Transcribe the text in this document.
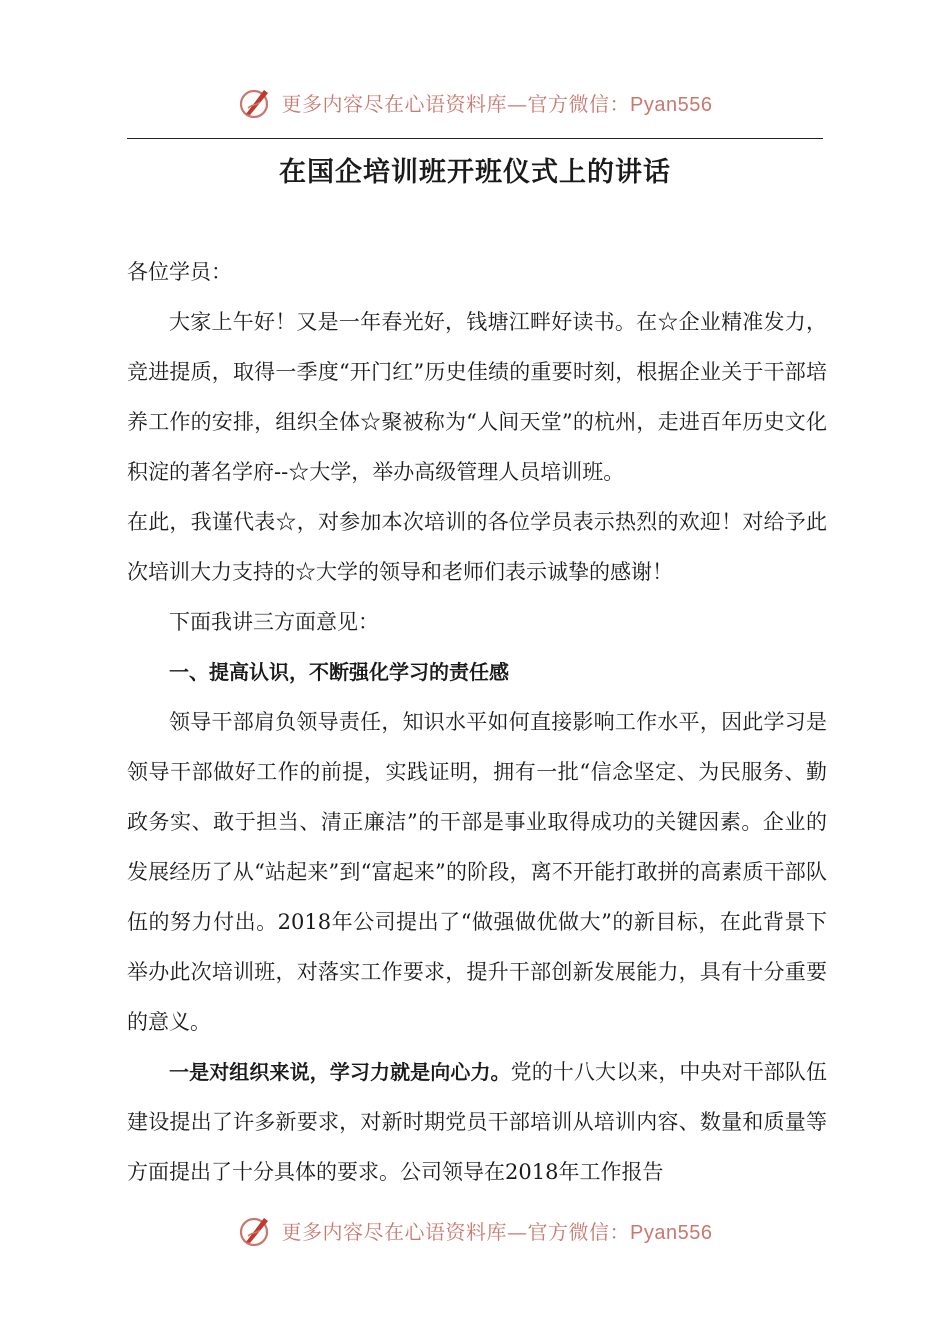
更多内容尽在心语资料库—官方微信：Pyan556
在国企培训班开班仪式上的讲话

各位学员：

大家上午好！又是一年春光好，钱塘江畔好读书。在☆企业精准发力，竞进提质，取得一季度“开门红”历史佳绩的重要时刻，根据企业关于干部培养工作的安排，组织全体☆聚被称为“人间天堂”的杭州，走进百年历史文化积淀的著名学府--☆大学，举办高级管理人员培训班。

在此，我谨代表☆，对参加本次培训的各位学员表示热烈的欢迎！对给予此次培训大力支持的☆大学的领导和老师们表示诚挚的感谢！

下面我讲三方面意见：

一、提高认识，不断强化学习的责任感

领导干部肩负领导责任，知识水平如何直接影响工作水平，因此学习是领导干部做好工作的前提，实践证明，拥有一批“信念坚定、为民服务、勤政务实、敢于担当、清正廉洁”的干部是事业取得成功的关键因素。企业的发展经历了从“站起来”到“富起来”的阶段，离不开能打敢拼的高素质干部队伍的努力付出。2018年公司提出了“做强做优做大”的新目标，在此背景下举办此次培训班，对落实工作要求，提升干部创新发展能力，具有十分重要的意义。

一是对组织来说，学习力就是向心力。党的十八大以来，中央对干部队伍建设提出了许多新要求，对新时期党员干部培训从培训内容、数量和质量等方面提出了十分具体的要求。公司领导在2018年工作报告

更多内容尽在心语资料库—官方微信：Pyan556
